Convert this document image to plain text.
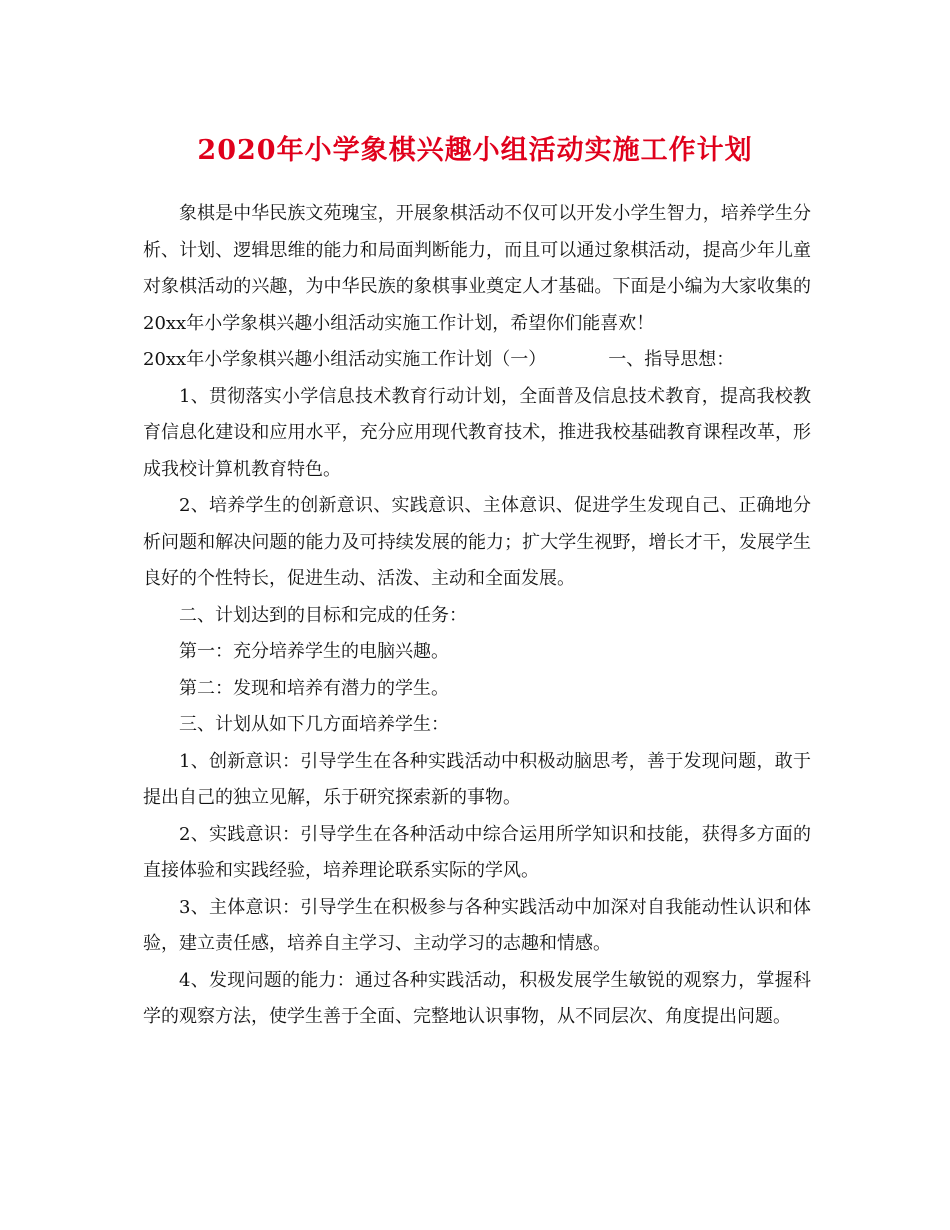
2020年小学象棋兴趣小组活动实施工作计划

象棋是中华民族文苑瑰宝，开展象棋活动不仅可以开发小学生智力，培养学生分析、计划、逻辑思维的能力和局面判断能力，而且可以通过象棋活动，提高少年儿童对象棋活动的兴趣，为中华民族的象棋事业奠定人才基础。下面是小编为大家收集的20xx年小学象棋兴趣小组活动实施工作计划，希望你们能喜欢！

20xx年小学象棋兴趣小组活动实施工作计划（一）	一、指导思想：

1、贯彻落实小学信息技术教育行动计划，全面普及信息技术教育，提高我校教育信息化建设和应用水平，充分应用现代教育技术，推进我校基础教育课程改革，形成我校计算机教育特色。

2、培养学生的创新意识、实践意识、主体意识、促进学生发现自己、正确地分析问题和解决问题的能力及可持续发展的能力；扩大学生视野，增长才干，发展学生良好的个性特长，促进生动、活泼、主动和全面发展。

二、计划达到的目标和完成的任务：

第一：充分培养学生的电脑兴趣。

第二：发现和培养有潜力的学生。

三、计划从如下几方面培养学生：

1、创新意识：引导学生在各种实践活动中积极动脑思考，善于发现问题，敢于提出自己的独立见解，乐于研究探索新的事物。

2、实践意识：引导学生在各种活动中综合运用所学知识和技能，获得多方面的直接体验和实践经验，培养理论联系实际的学风。

3、主体意识：引导学生在积极参与各种实践活动中加深对自我能动性认识和体验，建立责任感，培养自主学习、主动学习的志趣和情感。

4、发现问题的能力：通过各种实践活动，积极发展学生敏锐的观察力，掌握科学的观察方法，使学生善于全面、完整地认识事物，从不同层次、角度提出问题。
